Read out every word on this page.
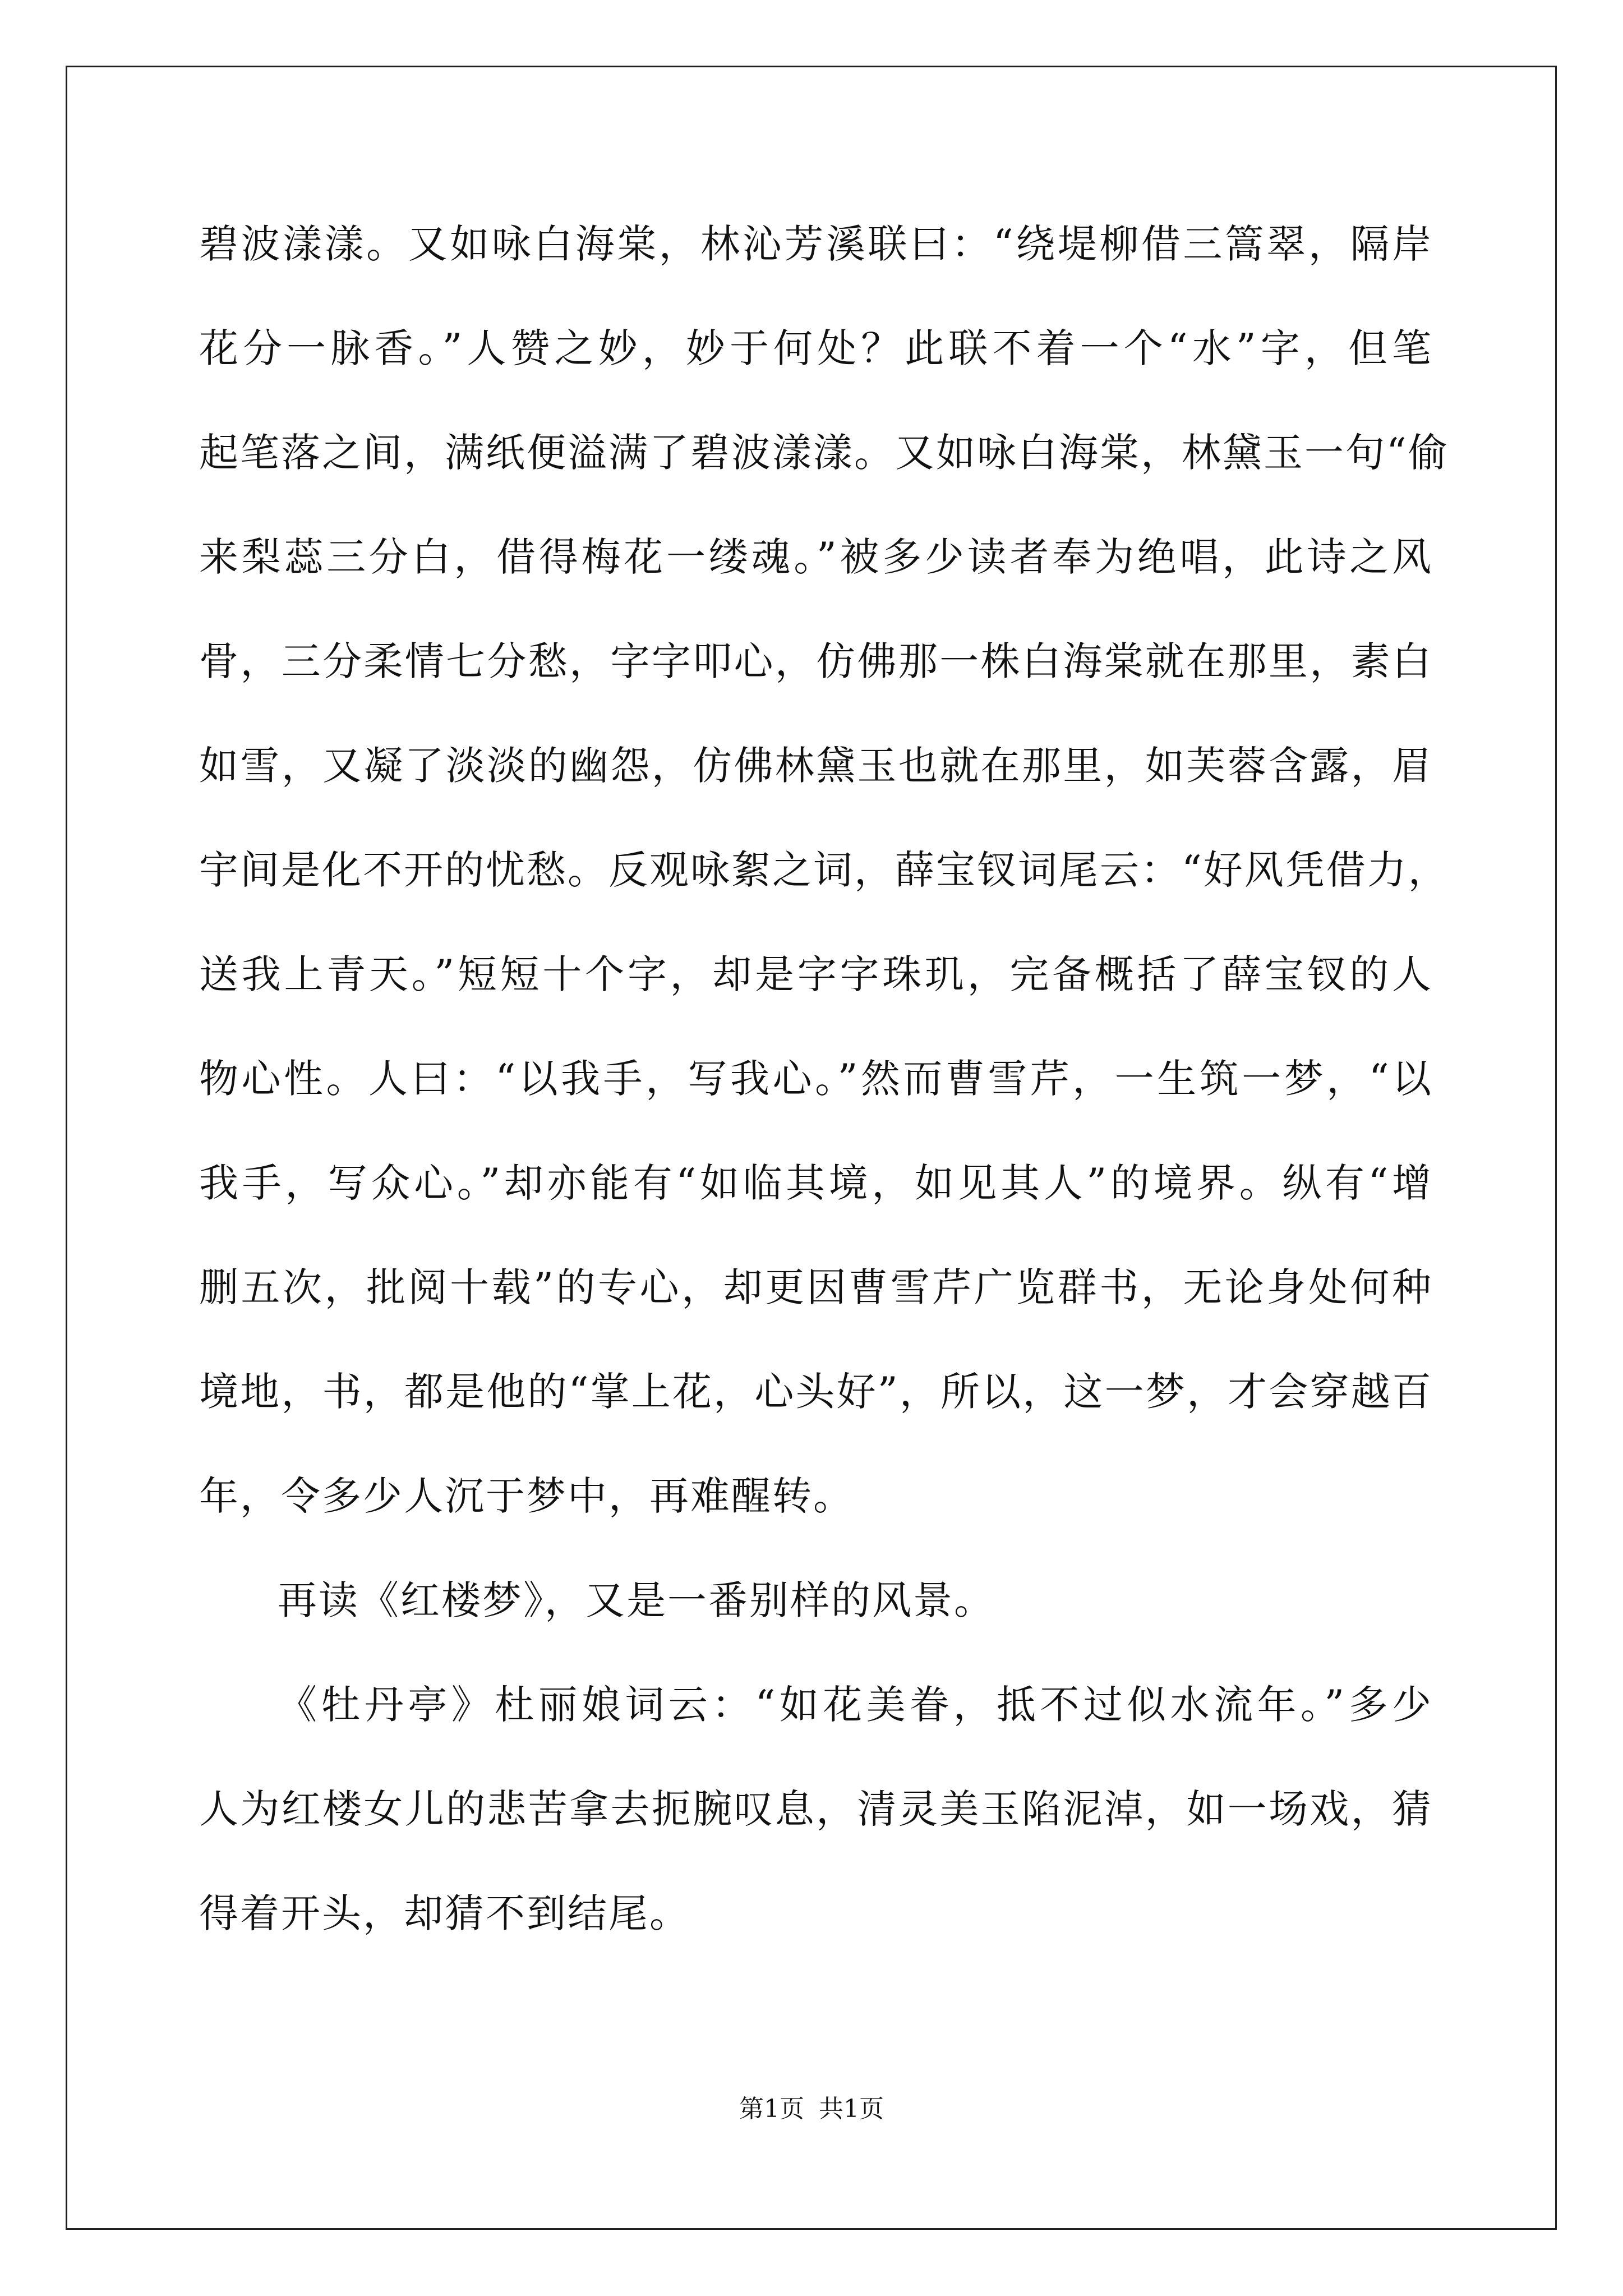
碧波漾漾。又如咏白海棠，林沁芳溪联曰：“绕堤柳借三篙翠，隔岸
花分一脉香。”人赞之妙，妙于何处？此联不着一个“水”字，但笔
起笔落之间，满纸便溢满了碧波漾漾。又如咏白海棠，林黛玉一句“偷
来梨蕊三分白，借得梅花一缕魂。”被多少读者奉为绝唱，此诗之风
骨，三分柔情七分愁，字字叩心，仿佛那一株白海棠就在那里，素白
如雪，又凝了淡淡的幽怨，仿佛林黛玉也就在那里，如芙蓉含露，眉
宇间是化不开的忧愁。反观咏絮之词，薛宝钗词尾云：“好风凭借力，
送我上青天。”短短十个字，却是字字珠玑，完备概括了薛宝钗的人
物心性。人曰：“以我手，写我心。”然而曹雪芹，一生筑一梦，“以
我手，写众心。”却亦能有“如临其境，如见其人”的境界。纵有“增
删五次，批阅十载”的专心，却更因曹雪芹广览群书，无论身处何种
境地，书，都是他的“掌上花，心头好”，所以，这一梦，才会穿越百
年，令多少人沉于梦中，再难醒转。
再读《红楼梦》，又是一番别样的风景。
《牡丹亭》杜丽娘词云：“如花美眷，抵不过似水流年。”多少
人为红楼女儿的悲苦拿去扼腕叹息，清灵美玉陷泥淖，如一场戏，猜
得着开头，却猜不到结尾。
第1页 共1页
